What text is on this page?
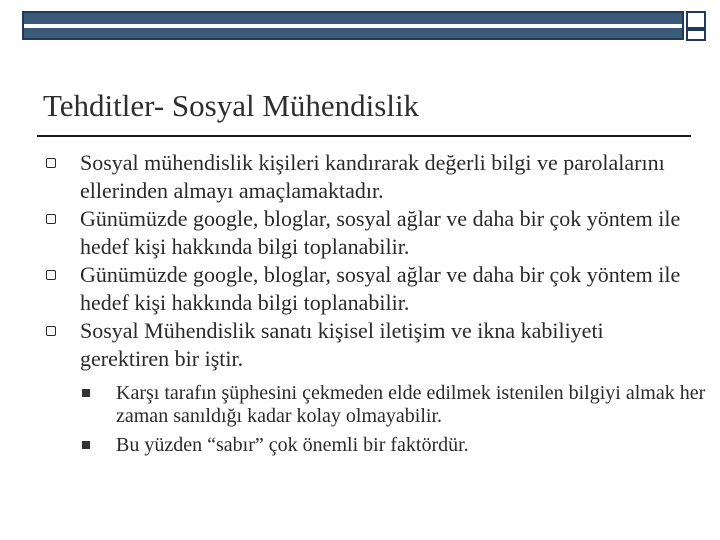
Tehditler- Sosyal Mühendislik
Sosyal mühendislik kişileri kandırarak değerli bilgi ve parolalarını ellerinden almayı amaçlamaktadır.
Günümüzde google, bloglar, sosyal ağlar ve daha bir çok yöntem ile hedef kişi hakkında bilgi toplanabilir.
Günümüzde google, bloglar, sosyal ağlar ve daha bir çok yöntem ile hedef kişi hakkında bilgi toplanabilir.
Sosyal Mühendislik sanatı kişisel iletişim ve ikna kabiliyeti gerektiren bir iştir.
Karşı tarafın şüphesini çekmeden elde edilmek istenilen bilgiyi almak her zaman sanıldığı kadar kolay olmayabilir.
Bu yüzden “sabır” çok önemli bir faktördür.
